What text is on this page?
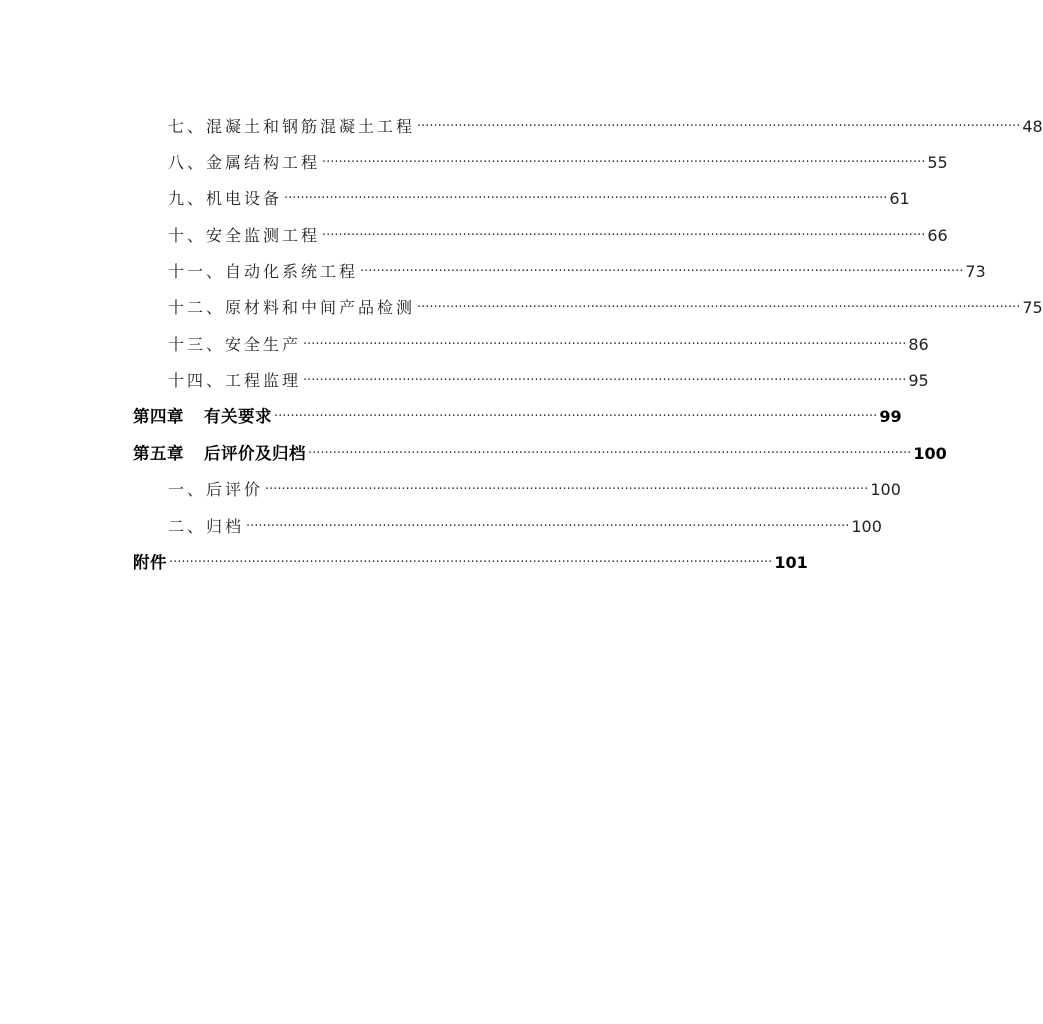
七、混凝土和钢筋混凝土工程 .................................................................................................................................................. 48
八、金属结构工程 .................................................................................................................................................. 55
九、机电设备 .................................................................................................................................................. 61
十、安全监测工程 .................................................................................................................................................. 66
十一、自动化系统工程 .................................................................................................................................................. 73
十二、原材料和中间产品检测 .................................................................................................................................................. 75
十三、安全生产 .................................................................................................................................................. 86
十四、工程监理 .................................................................................................................................................. 95
第四章 有关要求 .................................................................................................................................................. 99
第五章 后评价及归档 .................................................................................................................................................. 100
一、后评价 .................................................................................................................................................. 100
二、归档 .................................................................................................................................................. 100
附件 .................................................................................................................................................. 101
